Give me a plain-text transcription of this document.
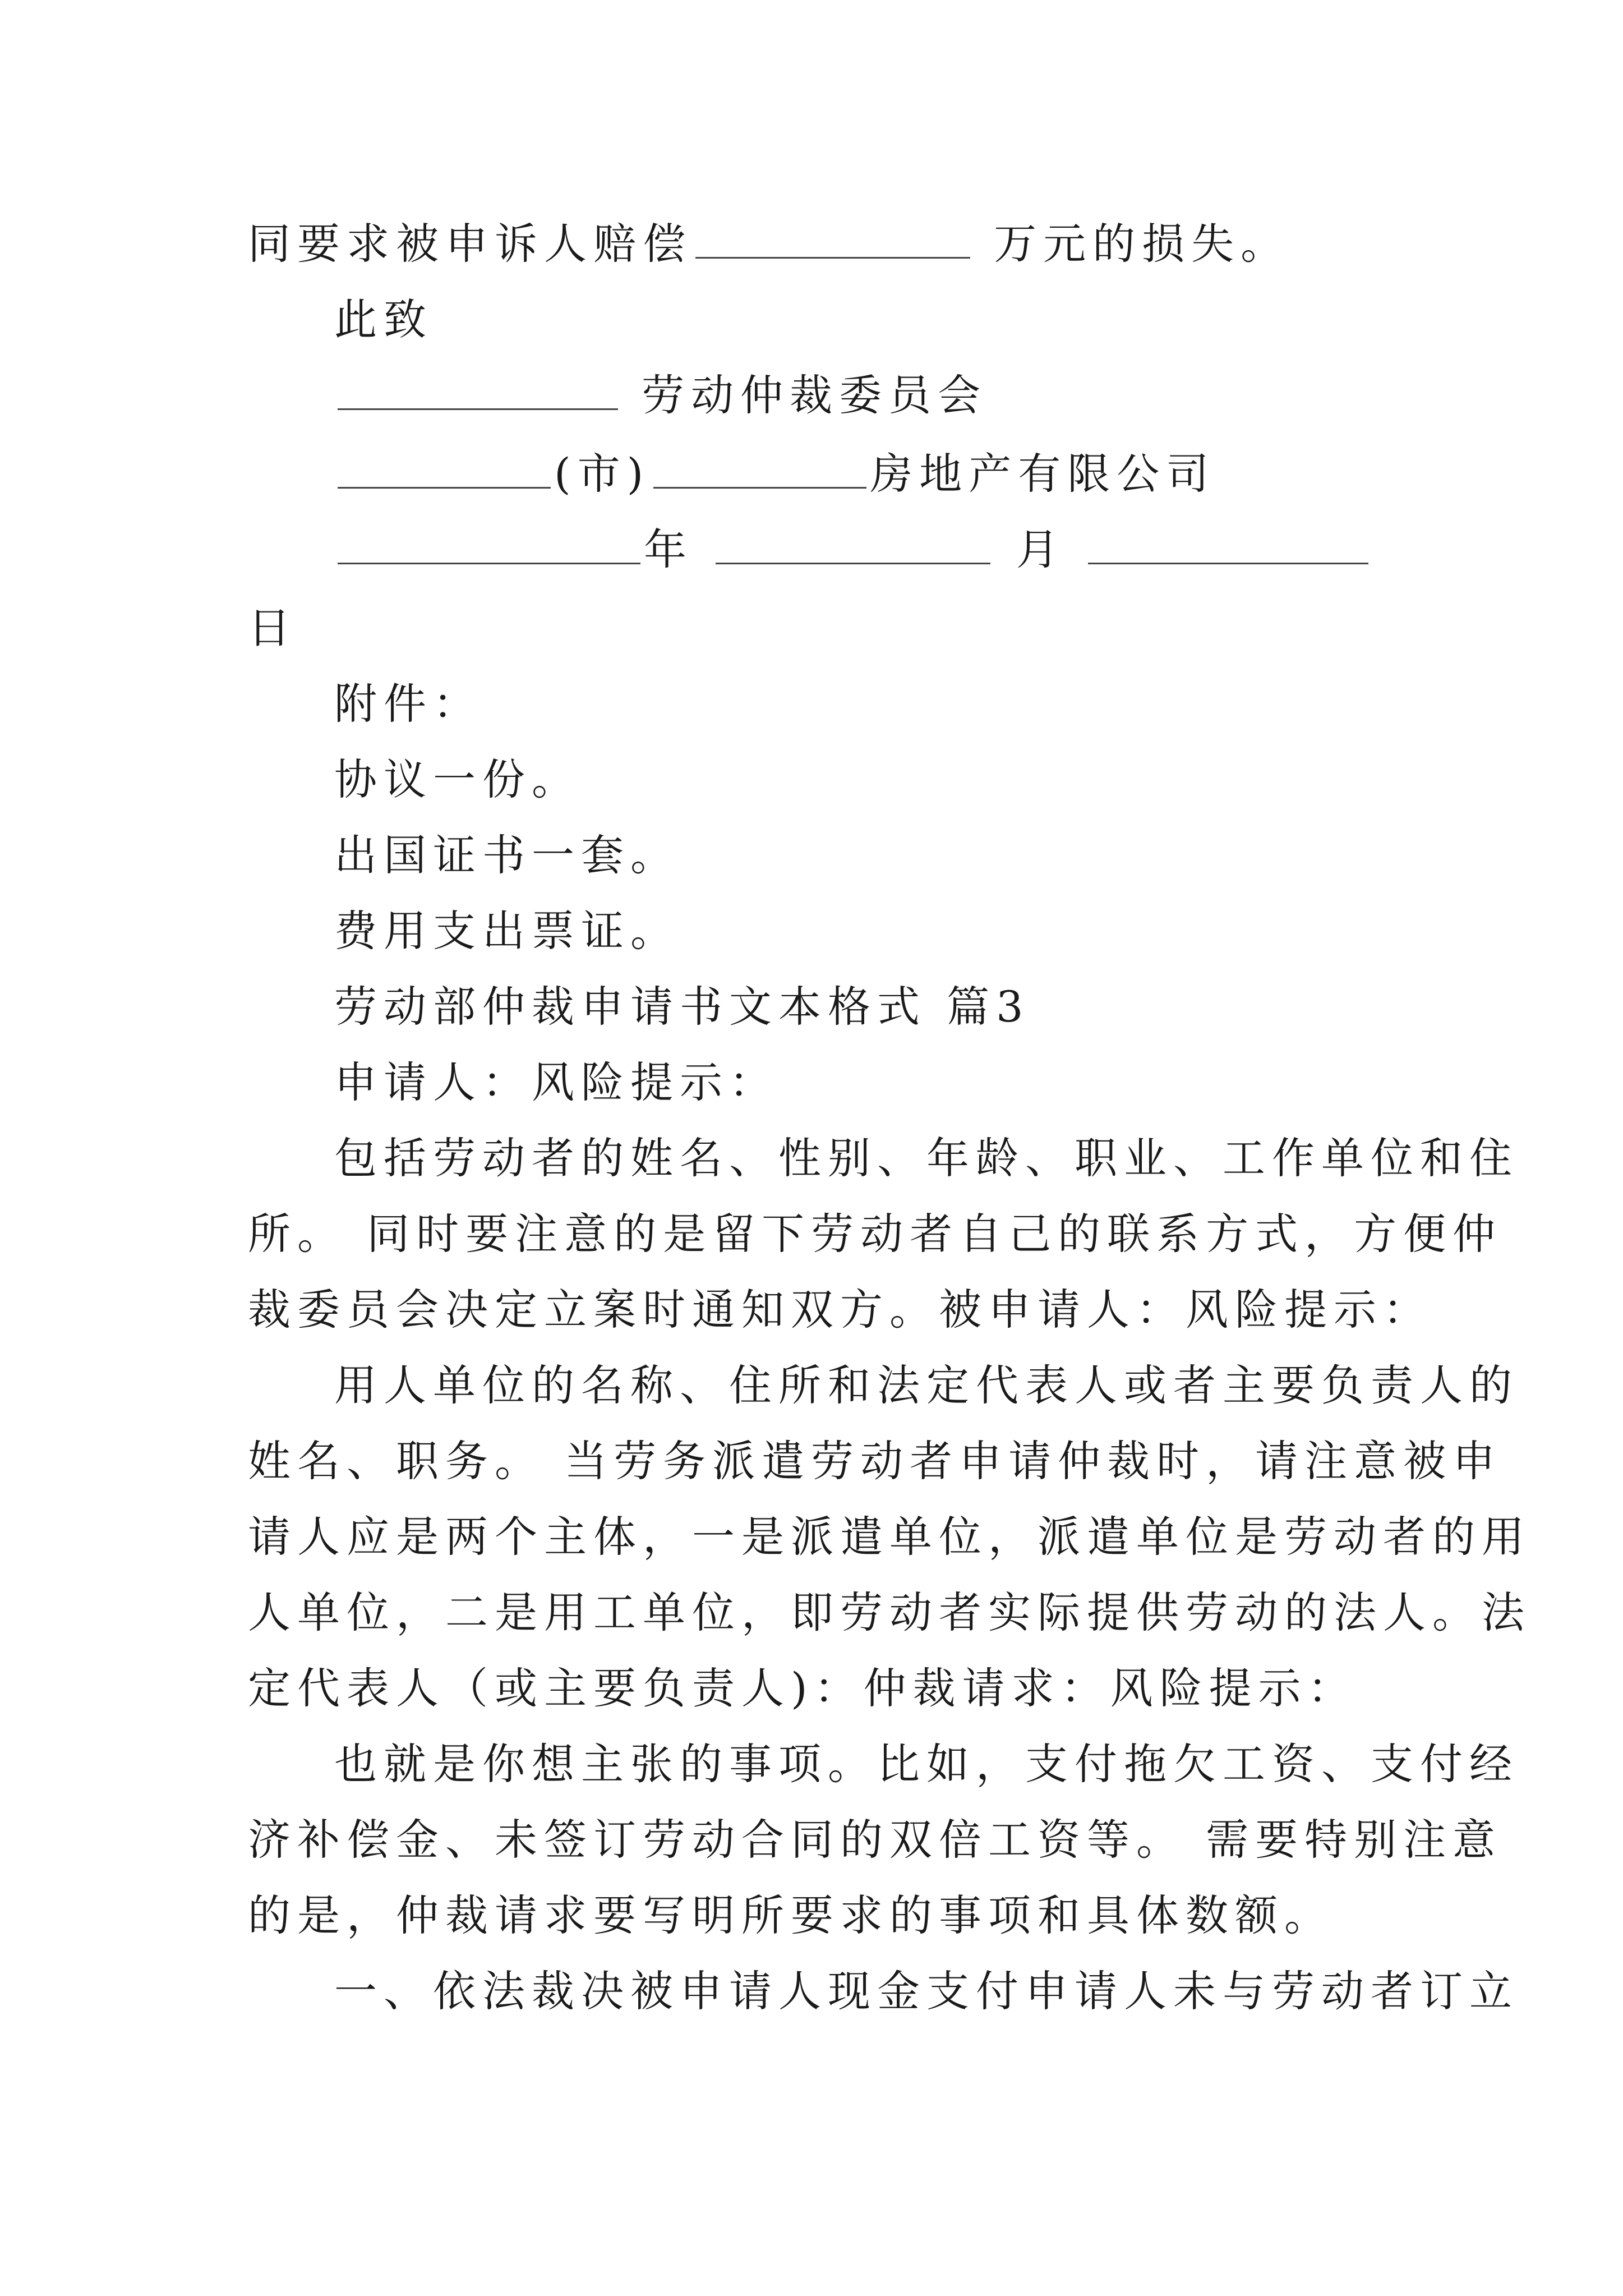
同要求被申诉人赔偿	万元的损失。
此致
劳动仲裁委员会
(市)	房地产有限公司
年	月
日
附件：
协议一份。
出国证书一套。
费用支出票证。
劳动部仲裁申请书文本格式 篇3
申请人：风险提示：
包括劳动者的姓名、性别、年龄、职业、工作单位和住
所。 同时要注意的是留下劳动者自己的联系方式，方便仲
裁委员会决定立案时通知双方。被申请人：风险提示：
用人单位的名称、住所和法定代表人或者主要负责人的
姓名、职务。 当劳务派遣劳动者申请仲裁时，请注意被申
请人应是两个主体，一是派遣单位，派遣单位是劳动者的用
人单位，二是用工单位，即劳动者实际提供劳动的法人。法
定代表人（或主要负责人)：仲裁请求：风险提示：
也就是你想主张的事项。比如，支付拖欠工资、支付经
济补偿金、未签订劳动合同的双倍工资等。 需要特别注意
的是，仲裁请求要写明所要求的事项和具体数额。
一、依法裁决被申请人现金支付申请人未与劳动者订立
